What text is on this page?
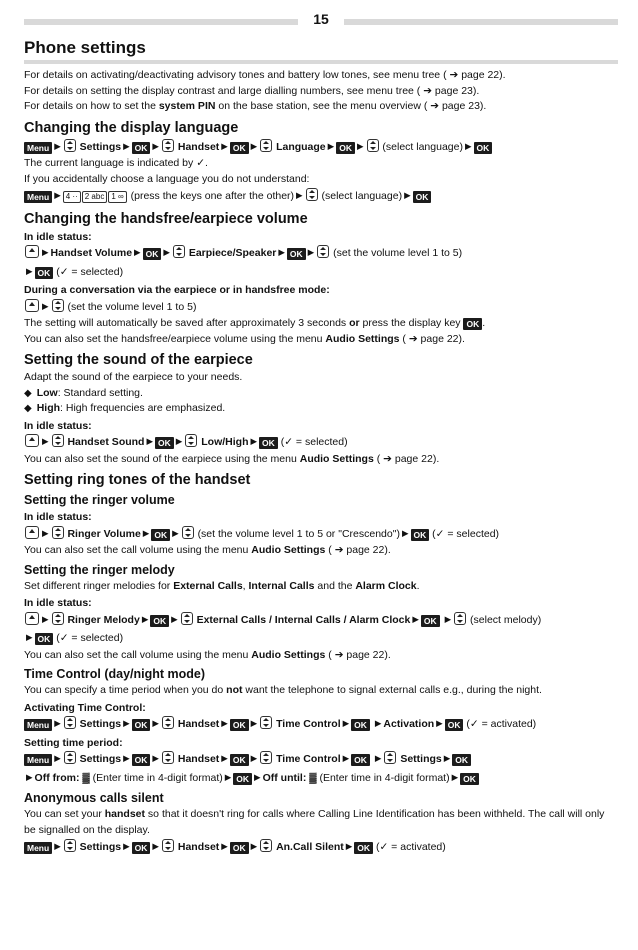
15
Phone settings
For details on activating/deactivating advisory tones and battery low tones, see menu tree ( ➔ page 22).
For details on setting the display contrast and large dialling numbers, see menu tree ( ➔ page 23).
For details on how to set the system PIN on the base station, see the menu overview ( ➔ page 23).
Changing the display language
Menu ▶ Settings ▶ OK ▶ Handset ▶ OK ▶ Language ▶ OK ▶ (select language) ▶ OK
The current language is indicated by ✓.
If you accidentally choose a language you do not understand:
Menu ▶ 4 ·· 2 abc 1 ∞ (press the keys one after the other) ▶ (select language) ▶ OK
Changing the handsfree/earpiece volume
In idle status:
▶ Handset Volume ▶ OK ▶ Earpiece/Speaker ▶ OK ▶ (set the volume level 1 to 5)
▶ OK (✓ = selected)
During a conversation via the earpiece or in handsfree mode:
▶ (set the volume level 1 to 5)
The setting will automatically be saved after approximately 3 seconds or press the display key OK .
You can also set the handsfree/earpiece volume using the menu Audio Settings ( ➔ page 22).
Setting the sound of the earpiece
Adapt the sound of the earpiece to your needs.
◆ Low: Standard setting.
◆ High: High frequencies are emphasized.
In idle status:
▶ Handset Sound ▶ OK ▶ Low/High ▶ OK (✓ = selected)
You can also set the sound of the earpiece using the menu Audio Settings ( ➔ page 22).
Setting ring tones of the handset
Setting the ringer volume
In idle status:
▶ Ringer Volume ▶ OK ▶ (set the volume level 1 to 5 or "Crescendo") ▶ OK (✓ = selected)
You can also set the call volume using the menu Audio Settings ( ➔ page 22).
Setting the ringer melody
Set different ringer melodies for External Calls, Internal Calls and the Alarm Clock.
In idle status:
▶ Ringer Melody ▶ OK ▶ External Calls / Internal Calls / Alarm Clock ▶ OK ▶ (select melody)
▶ OK (✓ = selected)
You can also set the call volume using the menu Audio Settings ( ➔ page 22).
Time Control (day/night mode)
You can specify a time period when you do not want the telephone to signal external calls e.g., during the night.
Activating Time Control:
Menu ▶ Settings ▶ OK ▶ Handset ▶ OK ▶ Time Control ▶ OK ▶ Activation ▶ OK (✓ = activated)
Setting time period:
Menu ▶ Settings ▶ OK ▶ Handset ▶ OK ▶ Time Control ▶ OK ▶ Settings ▶ OK
▶ Off from: ▓ (Enter time in 4-digit format) ▶ OK ▶ Off until: ▓ (Enter time in 4-digit format) ▶ OK
Anonymous calls silent
You can set your handset so that it doesn't ring for calls where Calling Line Identification has been withheld. The call will only be signalled on the display.
Menu ▶ Settings ▶ OK ▶ Handset ▶ OK ▶ An.Call Silent ▶ OK (✓ = activated)
